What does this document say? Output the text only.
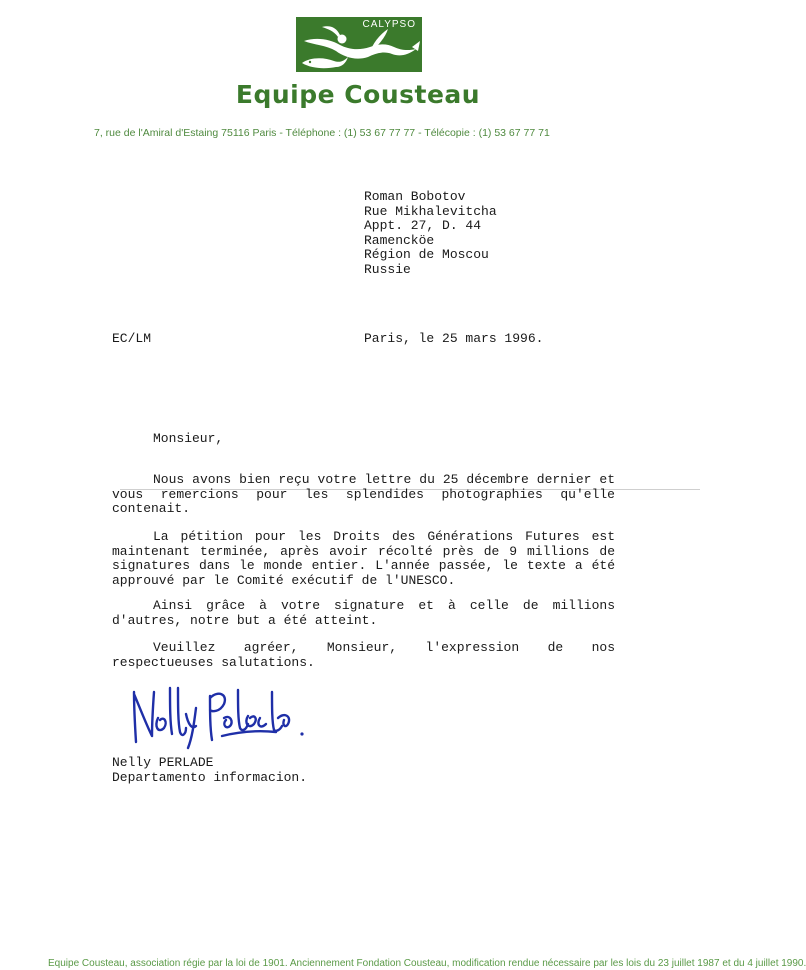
CALYPSO
Equipe Cousteau
7, rue de l'Amiral d'Estaing 75116 Paris - Téléphone : (1) 53 67 77 77 - Télécopie : (1) 53 67 77 71
Roman Bobotov
Rue Mikhalevitcha
Appt. 27, D. 44
Ramencköe
Région de Moscou
Russie
EC/LM	Paris, le 25 mars 1996.
Monsieur,
Nous avons bien reçu votre lettre du 25 décembre dernier et vous remercions pour les splendides photographies qu'elle contenait.
La pétition pour les Droits des Générations Futures est maintenant terminée, après avoir récolté près de 9 millions de signatures dans le monde entier. L'année passée, le texte a été approuvé par le Comité exécutif de l'UNESCO.
Ainsi grâce à votre signature et à celle de millions d'autres, notre but a été atteint.
Veuillez agréer, Monsieur, l'expression de nos respectueuses salutations.
Nelly PERLADE
Departamento informacion.
Equipe Cousteau, association régie par la loi de 1901. Anciennement Fondation Cousteau, modification rendue nécessaire par les lois du 23 juillet 1987 et du 4 juillet 1990.
